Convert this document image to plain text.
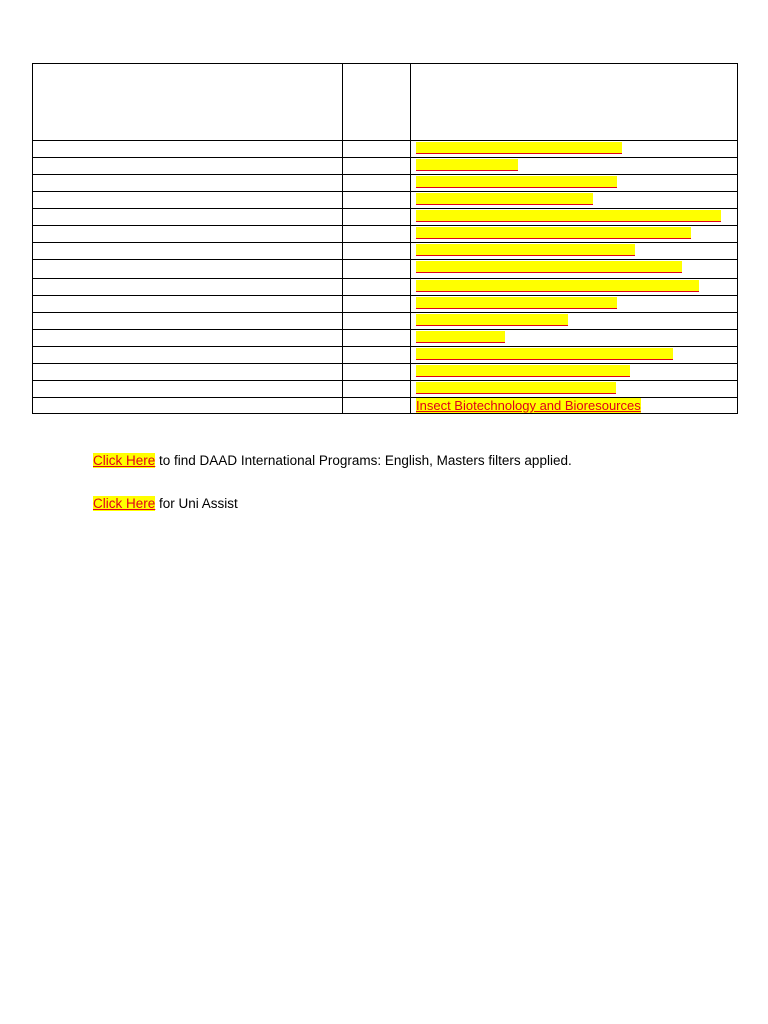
		Insect Biotechnology and Bioresources
Click Here to find DAAD International Programs: English, Masters filters applied.
Click Here for Uni Assist
